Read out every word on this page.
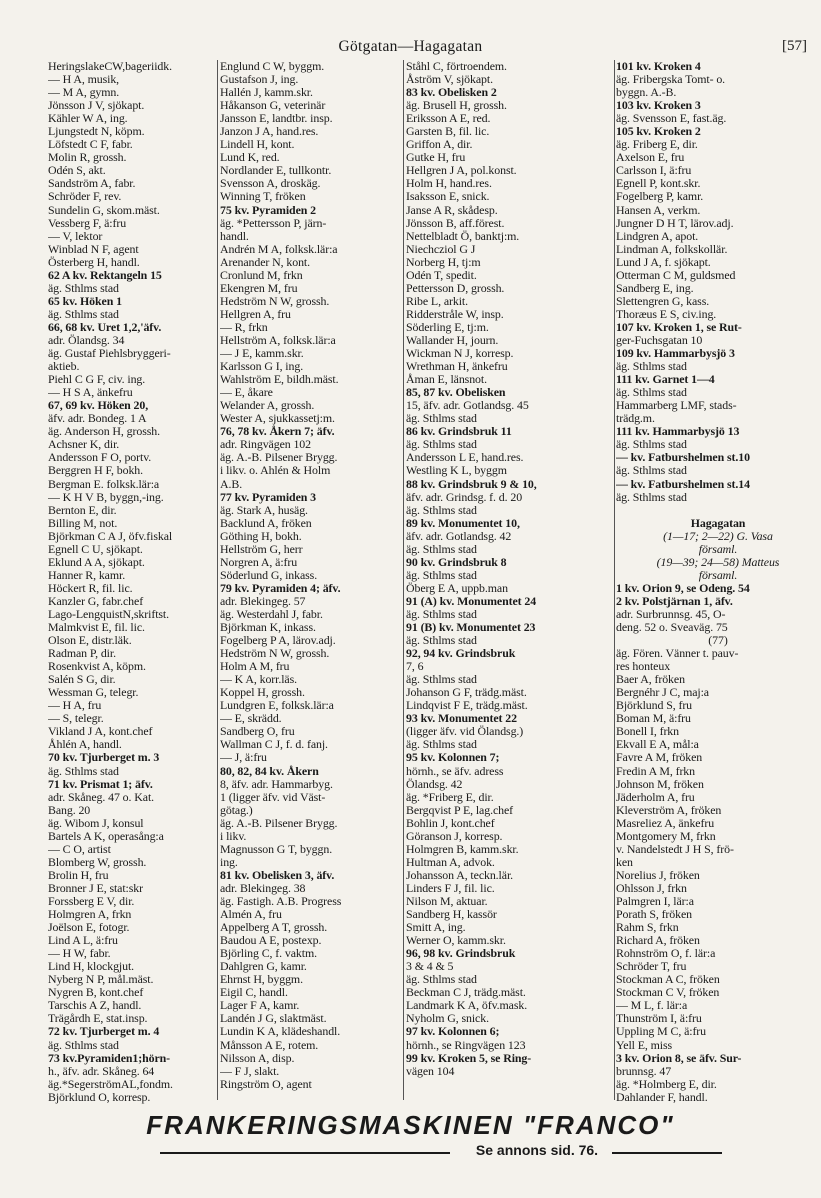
Götgatan—Hagagatan	[57]
HeringslakeCW,bageriidk.
— H A, musik,
— M A, gymn.
Jönsson J V, sjökapt.
Kähler W A, ing.
Ljungstedt N, köpm.
Löfstedt C F, fabr.
Molin R, grossh.
Odén S, akt.
Sandström A, fabr.
Schröder F, rev.
Sundelin G, skom.mäst.
Vessberg F, ä:fru
— V, lektor
Winblad N F, agent
Österberg H, handl.
62 A kv. Rektangeln 15
äg. Sthlms stad
65 kv. Höken 1
äg. Sthlms stad
66, 68 kv. Uret 1,2,'äfv.
adr. Ölandsg. 34
äg. Gustaf Piehlsbryggeri-
aktieb.
Piehl C G F, civ. ing.
— H S A, änkefru
67, 69 kv. Höken 20,
äfv. adr. Bondeg. 1 A
äg. Anderson H, grossh.
Achsner K, dir.
Andersson F O, portv.
Berggren H F, bokh.
Bergman E. folksk.lär:a
— K H V B, byggn,-ing.
Bernton E, dir.
Billing M, not.
Björkman C A J, öfv.fiskal
Egnell C U, sjökapt.
Eklund A A, sjökapt.
Hanner R, kamr.
Höckert R, fil. lic.
Kanzler G, fabr.chef
Lago-LengquistN,skriftst.
Malmkvist E, fil. lic.
Olson E, distr.läk.
Radman P, dir.
Rosenkvist A, köpm.
Salén S G, dir.
Wessman G, telegr.
— H A, fru
— S, telegr.
Vikland J A, kont.chef
Åhlén A, handl.
70 kv. Tjurberget m. 3
äg. Sthlms stad
71 kv. Prismat 1; äfv.
adr. Skåneg. 47 o. Kat.
Bang. 20
äg. Wibom J, konsul
Bartels A K, operasång:a
— C O, artist
Blomberg W, grossh.
Brolin H, fru
Bronner J E, stat:skr
Forssberg E V, dir.
Holmgren A, frkn
Joëlson E, fotogr.
Lind A L, ä:fru
— H W, fabr.
Lind H, klockgjut.
Nyberg N P, mål.mäst.
Nygren B, kont.chef
Tarschis A Z, handl.
Trägårdh E, stat.insp.
72 kv. Tjurberget m. 4
äg. Sthlms stad
73 kv.Pyramiden1;hörn-
h., äfv. adr. Skåneg. 64
äg.*SegerströmAL,fondm.
Björklund O, korresp.
Englund C W, byggm.
Gustafson J, ing.
Hallén J, kamm.skr.
Håkanson G, veterinär
Jansson E, landtbr. insp.
Janzon J A, hand.res.
Lindell H, kont.
Lund K, red.
Nordlander E, tullkontr.
Svensson A, droskäg.
Winning T, fröken
75 kv. Pyramiden 2
äg. *Pettersson P, järn-
handl.
Andrén M A, folksk.lär:a
Arenander N, kont.
Cronlund M, frkn
Ekengren M, fru
Hedström N W, grossh.
Hellgren A, fru
— R, frkn
Hellström A, folksk.lär:a
— J E, kamm.skr.
Karlsson G I, ing.
Wahlström E, bildh.mäst.
— E, åkare
Welander A, grossh.
Wester A, sjukkassetj:m.
76, 78 kv. Åkern 7; äfv.
adr. Ringvägen 102
äg. A.-B. Pilsener Brygg.
i likv. o. Ahlén & Holm
A.B.
77 kv. Pyramiden 3
äg. Stark A, husäg.
Backlund A, fröken
Göthing H, bokh.
Hellström G, herr
Norgren A, ä:fru
Söderlund G, inkass.
79 kv. Pyramiden 4; äfv.
adr. Blekingeg. 57
äg. Westerdahl J, fabr.
Björkman K, inkass.
Fogelberg P A, lärov.adj.
Hedström N W, grossh.
Holm A M, fru
— K A, korr.läs.
Koppel H, grossh.
Lundgren E, folksk.lär:a
— E, skrädd.
Sandberg O, fru
Wallman C J, f. d. fanj.
— J, ä:fru
80, 82, 84 kv. Åkern
8, äfv. adr. Hammarbyg.
1 (ligger äfv. vid Väst-
götag.)
äg. A.-B. Pilsener Brygg.
i likv.
Magnusson G T, byggn.
ing.
81 kv. Obelisken 3, äfv.
adr. Blekingeg. 38
äg. Fastigh. A.B. Progress
Almén A, fru
Appelberg A T, grossh.
Baudou A E, postexp.
Björling C, f. vaktm.
Dahlgren G, kamr.
Ehrnst H, byggm.
Eigil C, handl.
Lager F A, kamr.
Landén J G, slaktmäst.
Lundin K A, klädeshandl.
Månsson A E, rotem.
Nilsson A, disp.
— F J, slakt.
Ringström O, agent
Ståhl C, förtroendem.
Åström V, sjökapt.
83 kv. Obelisken 2
äg. Brusell H, grossh.
Eriksson A E, red.
Garsten B, fil. lic.
Griffon A, dir.
Gutke H, fru
Hellgren J A, pol.konst.
Holm H, hand.res.
Isaksson E, snick.
Janse A R, skådesp.
Jönsson B, aff.förest.
Nettelbladt Ö, banktj:m.
Niechcziol G J
Norberg H, tj:m
Odén T, spedit.
Pettersson D, grossh.
Ribe L, arkit.
Ridderstråle W, insp.
Söderling E, tj:m.
Wallander H, journ.
Wickman N J, korresp.
Wrethman H, änkefru
Åman E, länsnot.
85, 87 kv. Obelisken
15, äfv. adr. Gotlandsg. 45
äg. Sthlms stad
86 kv. Grindsbruk 11
äg. Sthlms stad
Andersson L E, hand.res.
Westling K L, byggm
88 kv. Grindsbruk 9 & 10,
äfv. adr. Grindsg. f. d. 20
äg. Sthlms stad
89 kv. Monumentet 10,
äfv. adr. Gotlandsg. 42
äg. Sthlms stad
90 kv. Grindsbruk 8
äg. Sthlms stad
Öberg E A, uppb.man
91 (A) kv. Monumentet 24
äg. Sthlms stad
91 (B) kv. Monumentet 23
äg. Sthlms stad
92, 94 kv. Grindsbruk
7, 6
äg. Sthlms stad
Johanson G F, trädg.mäst.
Lindqvist F E, trädg.mäst.
93 kv. Monumentet 22
(ligger äfv. vid Ölandsg.)
äg. Sthlms stad
95 kv. Kolonnen 7;
hörnh., se äfv. adress
Ölandsg. 42
äg. *Friberg E, dir.
Bergqvist P E, lag.chef
Bohlin J, kont.chef
Göranson J, korresp.
Holmgren B, kamm.skr.
Hultman A, advok.
Johansson A, teckn.lär.
Linders F J, fil. lic.
Nilson M, aktuar.
Sandberg H, kassör
Smitt A, ing.
Werner O, kamm.skr.
96, 98 kv. Grindsbruk
3 & 4 & 5
äg. Sthlms stad
Beckman C J, trädg.mäst.
Landmark K A, öfv.mask.
Nyholm G, snick.
97 kv. Kolonnen 6;
hörnh., se Ringvägen 123
99 kv. Kroken 5, se Ring-
vägen 104
101 kv. Kroken 4
äg. Fribergska Tomt- o.
byggn. A.-B.
103 kv. Kroken 3
äg. Svensson E, fast.äg.
105 kv. Kroken 2
äg. Friberg E, dir.
Axelson E, fru
Carlsson I, ä:fru
Egnell P, kont.skr.
Fogelberg P, kamr.
Hansen A, verkm.
Jungner D H T, lärov.adj.
Lindgren A, apot.
Lindman A, folkskollär.
Lund J A, f. sjökapt.
Otterman C M, guldsmed
Sandberg E, ing.
Slettengren G, kass.
Thoræus E S, civ.ing.
107 kv. Kroken 1, se Rut-
ger-Fuchsgatan 10
109 kv. Hammarbysjö 3
äg. Sthlms stad
111 kv. Garnet 1—4
äg. Sthlms stad
Hammarberg LMF, stads-
trädg.m.
111 kv. Hammarbysjö 13
äg. Sthlms stad
— kv. Fatburshelmen st.10
äg. Sthlms stad
— kv. Fatburshelmen st.14
äg. Sthlms stad

Hagagatan
(1—17; 2—22) G. Vasa
församl.
(19—39; 24—58) Matteus
församl.
1 kv. Orion 9, se Odeng. 54
2 kv. Polstjärnan 1, äfv.
adr. Surbrunnsg. 45, O-
deng. 52 o. Sveaväg. 75
(77)
äg. Fören. Vänner t. pauv-
res honteux
Baer A, fröken
Bergnéhr J C, maj:a
Björklund S, fru
Boman M, ä:fru
Bonell I, frkn
Ekvall E A, mål:a
Favre A M, fröken
Fredin A M, frkn
Johnson M, fröken
Jäderholm A, fru
Kleverström A, fröken
Masreliez A, änkefru
Montgomery M, frkn
v. Nandelstedt J H S, frö-
ken
Norelius J, fröken
Ohlsson J, frkn
Palmgren I, lär:a
Porath S, fröken
Rahm S, frkn
Richard A, fröken
Rohnström O, f. lär:a
Schröder T, fru
Stockman A C, fröken
Stockman C V, fröken
— M L, f. lär:a
Thunström I, ä:fru
Uppling M C, ä:fru
Yell E, miss
3 kv. Orion 8, se äfv. Sur-
brunnsg. 47
äg. *Holmberg E, dir.
Dahlander F, handl.
FRANKERINGSMASKINEN "FRANCO"
Se annons sid. 76.
